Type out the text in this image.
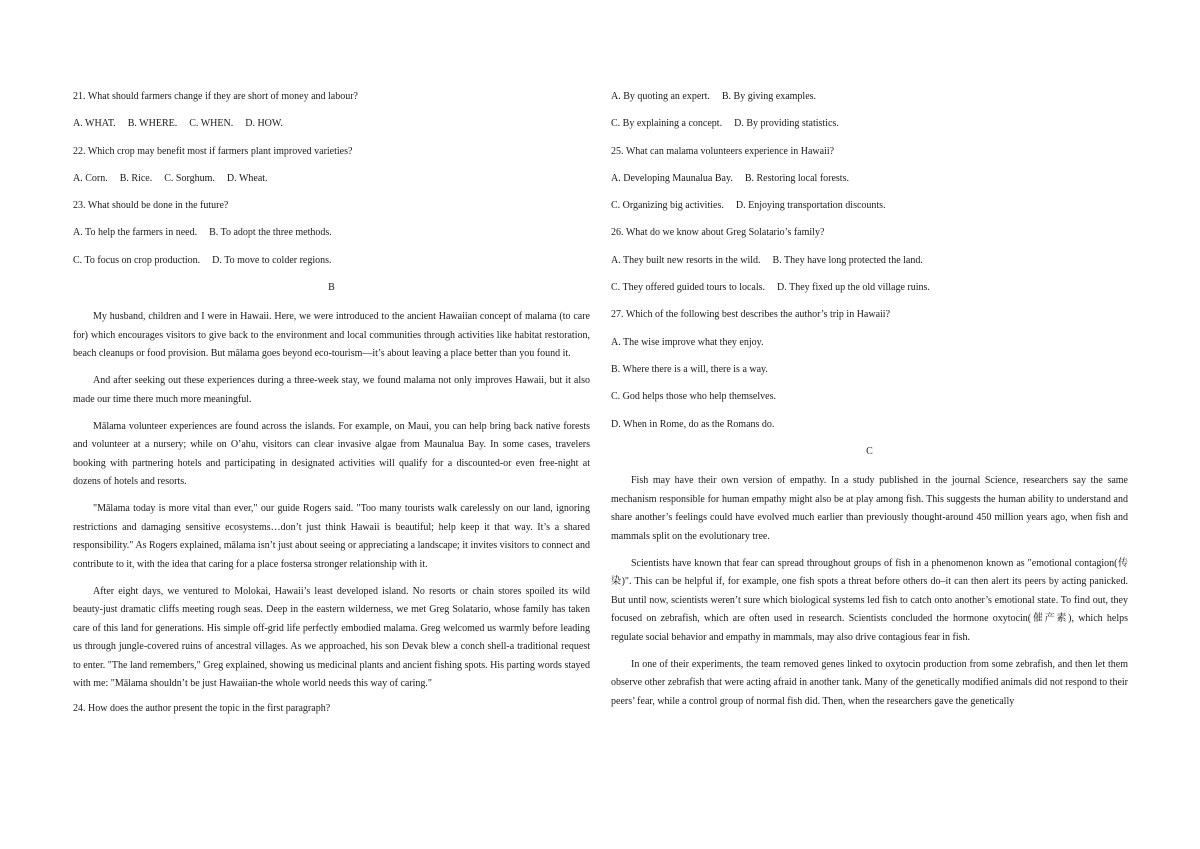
21. What should farmers change if they are short of money and labour?

A. WHAT. B. WHERE. C. WHEN. D. HOW.

22. Which crop may benefit most if farmers plant improved varieties?

A. Corn. B. Rice. C. Sorghum. D. Wheat.

23. What should be done in the future?

A. To help the farmers in need. B. To adopt the three methods.

C. To focus on crop production. D. To move to colder regions.

B

My husband, children and I were in Hawaii. Here, we were introduced to the ancient Hawaiian concept of malama (to care for) which encourages visitors to give back to the environment and local communities through activities like habitat restoration, beach cleanups or food provision. But mālama goes beyond eco-tourism—it’s about leaving a place better than you found it.

And after seeking out these experiences during a three-week stay, we found malama not only improves Hawaii, but it also made our time there much more meaningful.

Mālama volunteer experiences are found across the islands. For example, on Maui, you can help bring back native forests and volunteer at a nursery; while on O’ahu, visitors can clear invasive algae from Maunalua Bay. In some cases, travelers booking with partnering hotels and participating in designated activities will qualify for a discounted-or even free-night at dozens of hotels and resorts.

"Mālama today is more vital than ever," our guide Rogers said. "Too many tourists walk carelessly on our land, ignoring restrictions and damaging sensitive ecosystems…don’t just think Hawaii is beautiful; help keep it that way. It’s a shared responsibility." As Rogers explained, mālama isn’t just about seeing or appreciating a landscape; it invites visitors to connect and contribute to it, with the idea that caring for a place fostersa stronger relationship with it.

After eight days, we ventured to Molokai, Hawaii’s least developed island. No resorts or chain stores spoiled its wild beauty-just dramatic cliffs meeting rough seas. Deep in the eastern wilderness, we met Greg Solatario, whose family has taken care of this land for generations. His simple off-grid life perfectly embodied malama. Greg welcomed us warmly before leading us through jungle-covered ruins of ancestral villages. As we approached, his son Devak blew a conch shell-a traditional request to enter. "The land remembers," Greg explained, showing us medicinal plants and ancient fishing spots. His parting words stayed with me: "Mālama shouldn’t be just Hawaiian-the whole world needs this way of caring."

24. How does the author present the topic in the first paragraph?

A. By quoting an expert. B. By giving examples.

C. By explaining a concept. D. By providing statistics.

25. What can malama volunteers experience in Hawaii?

A. Developing Maunalua Bay. B. Restoring local forests.

C. Organizing big activities. D. Enjoying transportation discounts.

26. What do we know about Greg Solatario’s family?

A. They built new resorts in the wild. B. They have long protected the land.

C. They offered guided tours to locals. D. They fixed up the old village ruins.

27. Which of the following best describes the author’s trip in Hawaii?

A. The wise improve what they enjoy.

B. Where there is a will, there is a way.

C. God helps those who help themselves.

D. When in Rome, do as the Romans do.

C

Fish may have their own version of empathy. In a study published in the journal Science, researchers say the same mechanism responsible for human empathy might also be at play among fish. This suggests the human ability to understand and share another’s feelings could have evolved much earlier than previously thought-around 450 million years ago, when fish and mammals split on the evolutionary tree.

Scientists have known that fear can spread throughout groups of fish in a phenomenon known as "emotional contagion(传染)". This can be helpful if, for example, one fish spots a threat before others do–it can then alert its peers by acting panicked. But until now, scientists weren’t sure which biological systems led fish to catch onto another’s emotional state. To find out, they focused on zebrafish, which are often used in research. Scientists concluded the hormone oxytocin(催产素), which helps regulate social behavior and empathy in mammals, may also drive contagious fear in fish.

In one of their experiments, the team removed genes linked to oxytocin production from some zebrafish, and then let them observe other zebrafish that were acting afraid in another tank. Many of the genetically modified animals did not respond to their peers’ fear, while a control group of normal fish did. Then, when the researchers gave the genetically
